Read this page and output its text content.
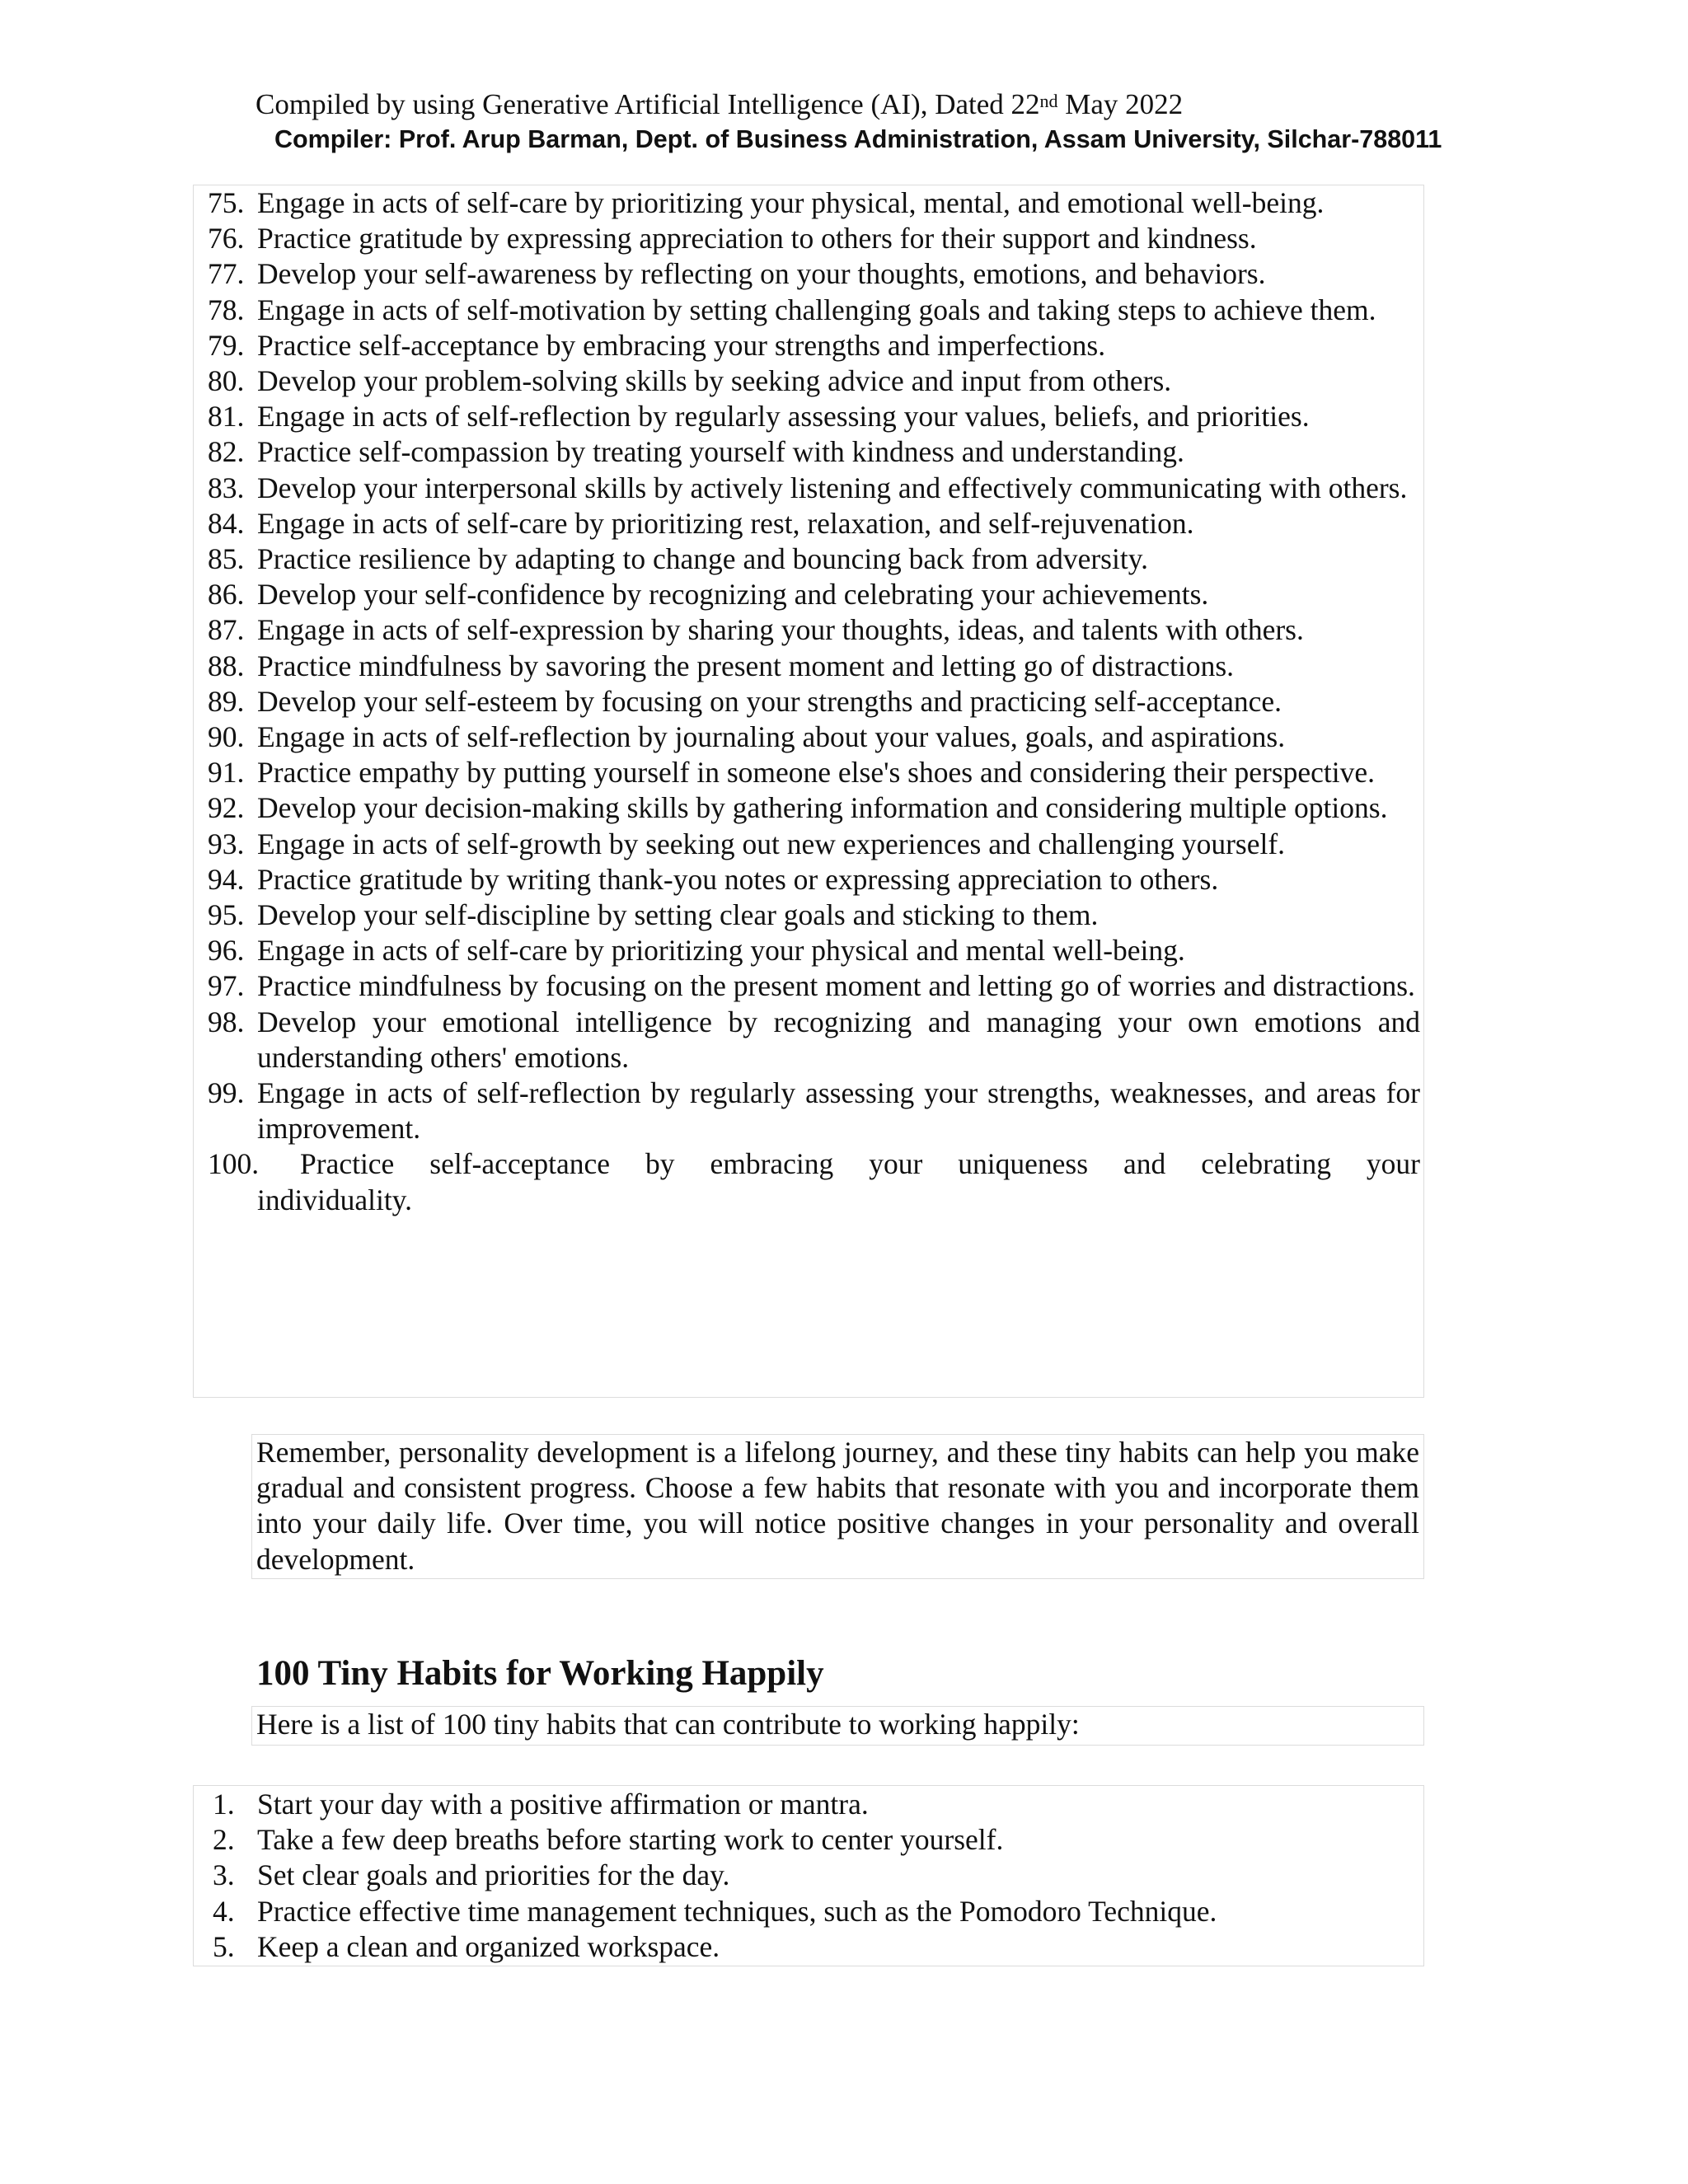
Compiled by using Generative Artificial Intelligence (AI), Dated 22nd May 2022
Compiler: Prof. Arup Barman, Dept. of Business Administration, Assam University, Silchar-788011
75. Engage in acts of self-care by prioritizing your physical, mental, and emotional well-being.
76. Practice gratitude by expressing appreciation to others for their support and kindness.
77. Develop your self-awareness by reflecting on your thoughts, emotions, and behaviors.
78. Engage in acts of self-motivation by setting challenging goals and taking steps to achieve them.
79. Practice self-acceptance by embracing your strengths and imperfections.
80. Develop your problem-solving skills by seeking advice and input from others.
81. Engage in acts of self-reflection by regularly assessing your values, beliefs, and priorities.
82. Practice self-compassion by treating yourself with kindness and understanding.
83. Develop your interpersonal skills by actively listening and effectively communicating with others.
84. Engage in acts of self-care by prioritizing rest, relaxation, and self-rejuvenation.
85. Practice resilience by adapting to change and bouncing back from adversity.
86. Develop your self-confidence by recognizing and celebrating your achievements.
87. Engage in acts of self-expression by sharing your thoughts, ideas, and talents with others.
88. Practice mindfulness by savoring the present moment and letting go of distractions.
89. Develop your self-esteem by focusing on your strengths and practicing self-acceptance.
90. Engage in acts of self-reflection by journaling about your values, goals, and aspirations.
91. Practice empathy by putting yourself in someone else's shoes and considering their perspective.
92. Develop your decision-making skills by gathering information and considering multiple options.
93. Engage in acts of self-growth by seeking out new experiences and challenging yourself.
94. Practice gratitude by writing thank-you notes or expressing appreciation to others.
95. Develop your self-discipline by setting clear goals and sticking to them.
96. Engage in acts of self-care by prioritizing your physical and mental well-being.
97. Practice mindfulness by focusing on the present moment and letting go of worries and distractions.
98. Develop your emotional intelligence by recognizing and managing your own emotions and understanding others' emotions.
99. Engage in acts of self-reflection by regularly assessing your strengths, weaknesses, and areas for improvement.
100.	Practice self-acceptance by embracing your uniqueness and celebrating your
individuality.
Remember, personality development is a lifelong journey, and these tiny habits can help you make gradual and consistent progress. Choose a few habits that resonate with you and incorporate them into your daily life. Over time, you will notice positive changes in your personality and overall development.
100 Tiny Habits for Working Happily
Here is a list of 100 tiny habits that can contribute to working happily:
1. Start your day with a positive affirmation or mantra.
2. Take a few deep breaths before starting work to center yourself.
3. Set clear goals and priorities for the day.
4. Practice effective time management techniques, such as the Pomodoro Technique.
5. Keep a clean and organized workspace.
